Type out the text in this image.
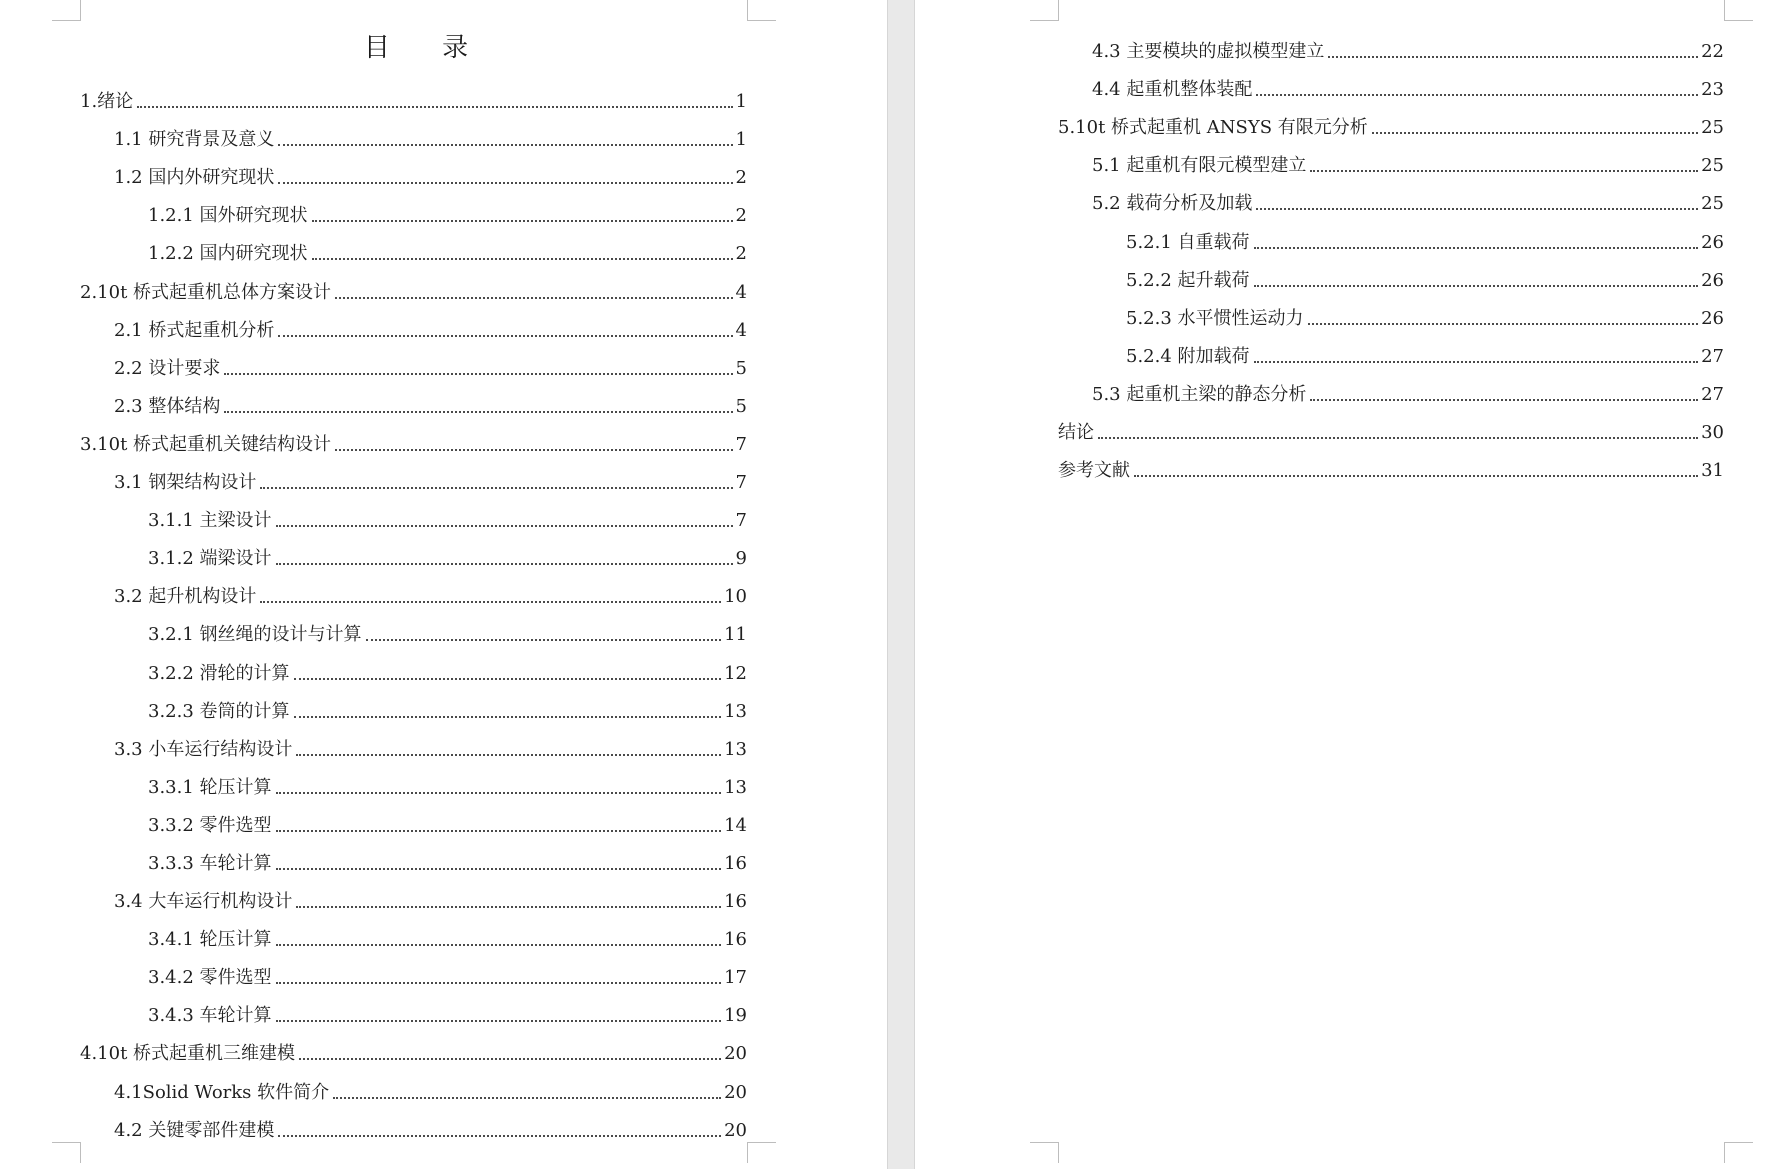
目 录
1.绪论	1
1.1 研究背景及意义	1
1.2 国内外研究现状	2
1.2.1 国外研究现状	2
1.2.2 国内研究现状	2
2.10t 桥式起重机总体方案设计	4
2.1 桥式起重机分析	4
2.2 设计要求	5
2.3 整体结构	5
3.10t 桥式起重机关键结构设计	7
3.1 钢架结构设计	7
3.1.1 主梁设计	7
3.1.2 端梁设计	9
3.2 起升机构设计	10
3.2.1 钢丝绳的设计与计算	11
3.2.2 滑轮的计算	12
3.2.3 卷筒的计算	13
3.3 小车运行结构设计	13
3.3.1 轮压计算	13
3.3.2 零件选型	14
3.3.3 车轮计算	16
3.4 大车运行机构设计	16
3.4.1 轮压计算	16
3.4.2 零件选型	17
3.4.3 车轮计算	19
4.10t 桥式起重机三维建模	20
4.1Solid Works 软件简介	20
4.2 关键零部件建模	20
4.3 主要模块的虚拟模型建立	22
4.4 起重机整体装配	23
5.10t 桥式起重机 ANSYS 有限元分析	25
5.1 起重机有限元模型建立	25
5.2 载荷分析及加载	25
5.2.1 自重载荷	26
5.2.2 起升载荷	26
5.2.3 水平惯性运动力	26
5.2.4 附加载荷	27
5.3 起重机主梁的静态分析	27
结论	30
参考文献	31
